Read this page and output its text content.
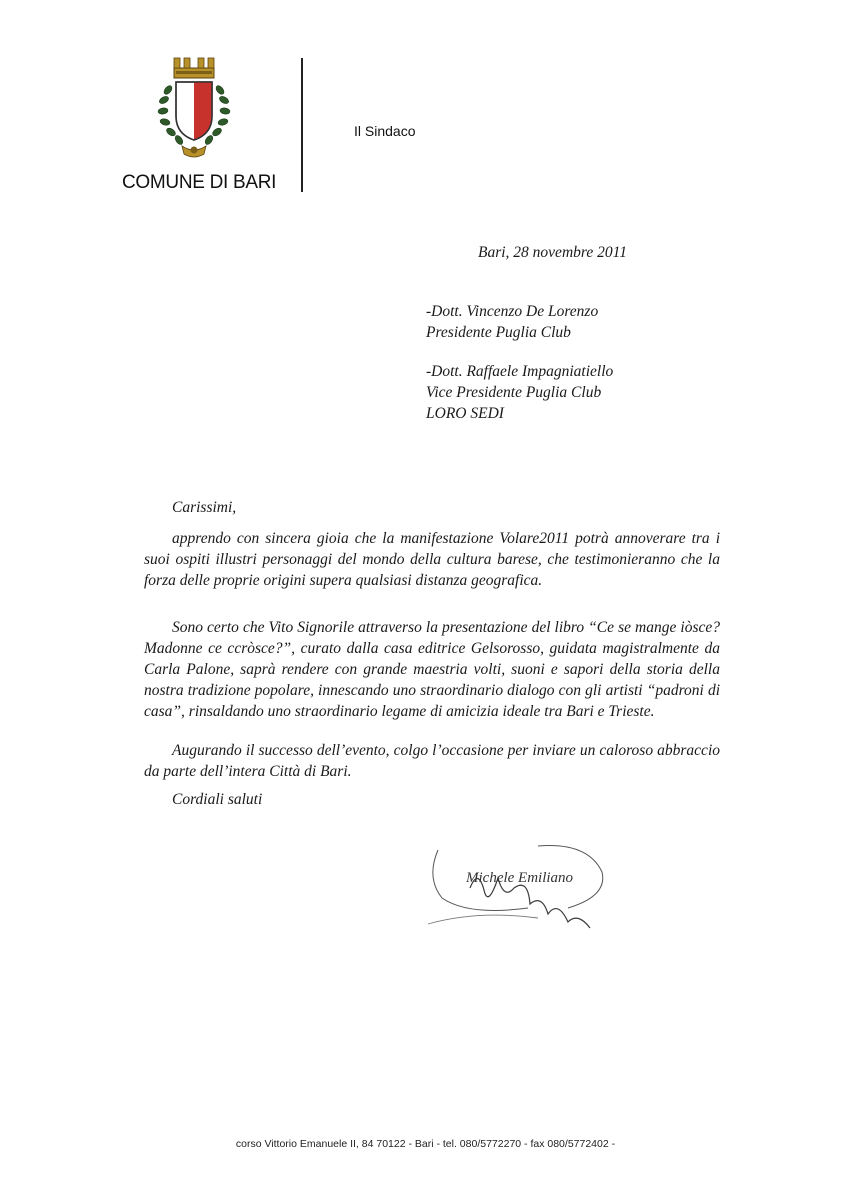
COMUNE DI BARI
Il Sindaco
Bari, 28 novembre 2011
-Dott. Vincenzo De Lorenzo
Presidente Puglia Club
-Dott. Raffaele Impagniatiello
Vice Presidente Puglia Club
LORO SEDI
Carissimi,

apprendo con sincera gioia che la manifestazione Volare2011 potrà annoverare tra i suoi ospiti illustri personaggi del mondo della cultura barese, che testimonieranno che la forza delle proprie origini supera qualsiasi distanza geografica.

Sono certo che Vito Signorile attraverso la presentazione del libro “Ce se mange iòsce? Madonne ce ccròsce?”, curato dalla casa editrice Gelsorosso, guidata magistralmente da Carla Palone, saprà rendere con grande maestria volti, suoni e sapori della storia della nostra tradizione popolare, innescando uno straordinario dialogo con gli artisti “padroni di casa”, rinsaldando uno straordinario legame di amicizia ideale tra Bari e Trieste.

Augurando il successo dell’evento, colgo l’occasione per inviare un caloroso abbraccio da parte dell’intera Città di Bari.

Cordiali saluti
Michele Emiliano
corso Vittorio Emanuele II, 84 70122 - Bari - tel. 080/5772270 - fax 080/5772402 -
